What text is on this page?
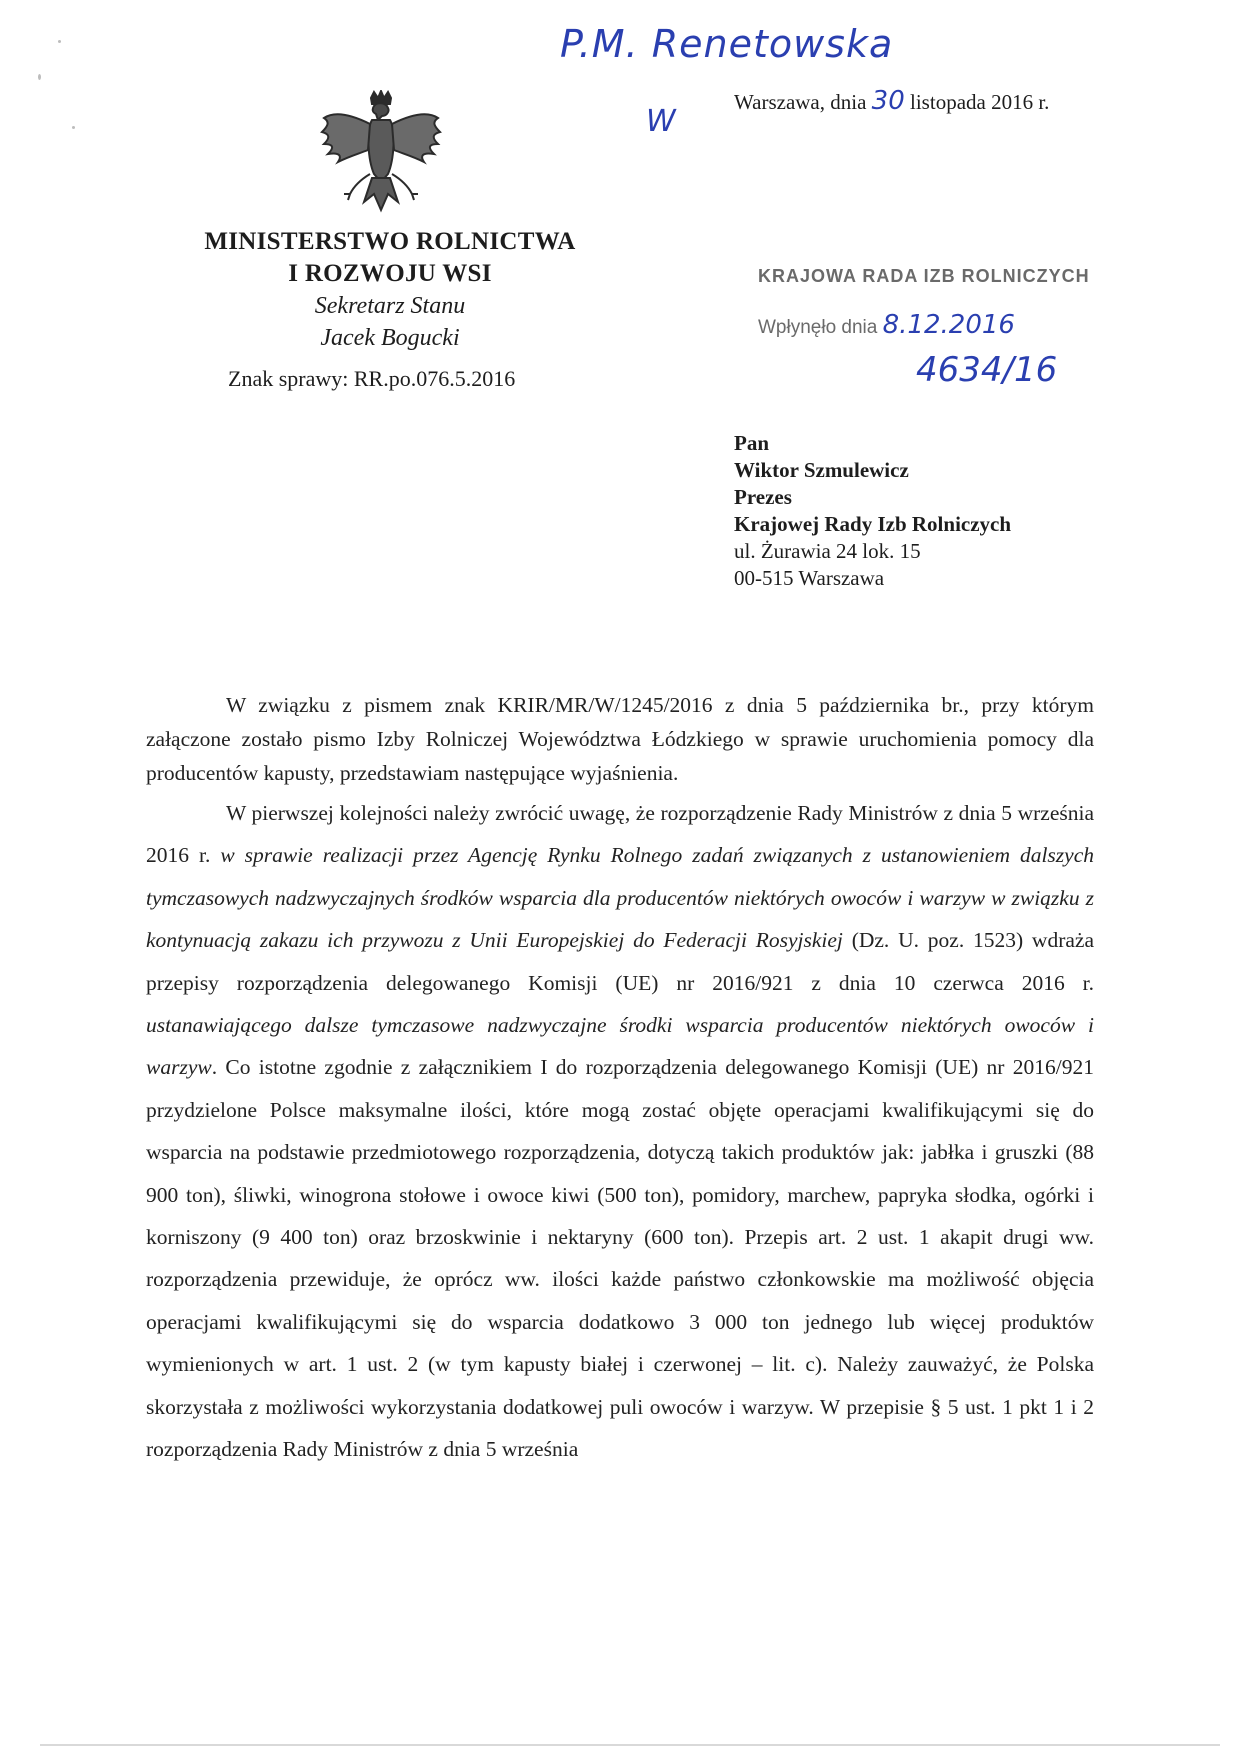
P.M. Renetowska
W
MINISTERSTWO ROLNICTWA
I ROZWOJU WSI
Sekretarz Stanu
Jacek Bogucki
Znak sprawy: RR.po.076.5.2016
Warszawa, dnia 30 listopada 2016 r.
KRAJOWA RADA IZB ROLNICZYCH
Wpłynęło dnia 8.12.2016
4634/16
Pan
Wiktor Szmulewicz
Prezes
Krajowej Rady Izb Rolniczych
ul. Żurawia 24 lok. 15
00-515 Warszawa

W związku z pismem znak KRIR/MR/W/1245/2016 z dnia 5 października br., przy którym załączone zostało pismo Izby Rolniczej Województwa Łódzkiego w sprawie uruchomienia pomocy dla producentów kapusty, przedstawiam następujące wyjaśnienia.

W pierwszej kolejności należy zwrócić uwagę, że rozporządzenie Rady Ministrów z dnia 5 września 2016 r. w sprawie realizacji przez Agencję Rynku Rolnego zadań związanych z ustanowieniem dalszych tymczasowych nadzwyczajnych środków wsparcia dla producentów niektórych owoców i warzyw w związku z kontynuacją zakazu ich przywozu z Unii Europejskiej do Federacji Rosyjskiej (Dz. U. poz. 1523) wdraża przepisy rozporządzenia delegowanego Komisji (UE) nr 2016/921 z dnia 10 czerwca 2016 r. ustanawiającego dalsze tymczasowe nadzwyczajne środki wsparcia producentów niektórych owoców i warzyw. Co istotne zgodnie z załącznikiem I do rozporządzenia delegowanego Komisji (UE) nr 2016/921 przydzielone Polsce maksymalne ilości, które mogą zostać objęte operacjami kwalifikującymi się do wsparcia na podstawie przedmiotowego rozporządzenia, dotyczą takich produktów jak: jabłka i gruszki (88 900 ton), śliwki, winogrona stołowe i owoce kiwi (500 ton), pomidory, marchew, papryka słodka, ogórki i korniszony (9 400 ton) oraz brzoskwinie i nektaryny (600 ton). Przepis art. 2 ust. 1 akapit drugi ww. rozporządzenia przewiduje, że oprócz ww. ilości każde państwo członkowskie ma możliwość objęcia operacjami kwalifikującymi się do wsparcia dodatkowo 3 000 ton jednego lub więcej produktów wymienionych w art. 1 ust. 2 (w tym kapusty białej i czerwonej – lit. c). Należy zauważyć, że Polska skorzystała z możliwości wykorzystania dodatkowej puli owoców i warzyw. W przepisie § 5 ust. 1 pkt 1 i 2 rozporządzenia Rady Ministrów z dnia 5 września
